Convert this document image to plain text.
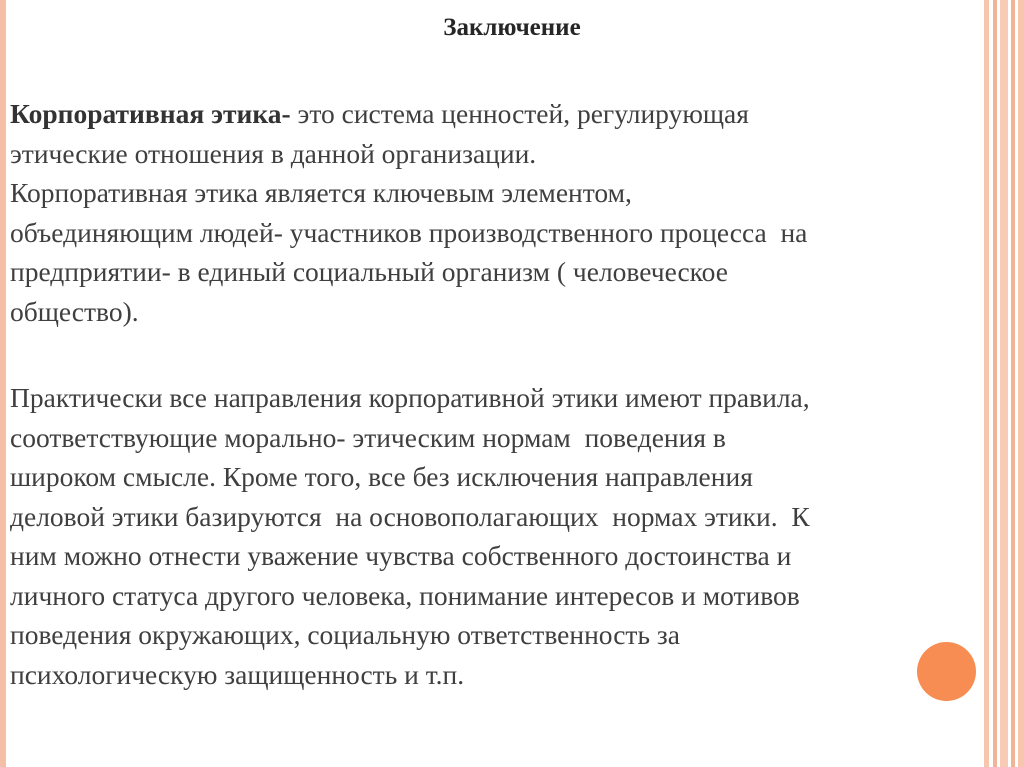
Заключение
Корпоративная этика- это система ценностей, регулирующая
этические отношения в данной организации.
Корпоративная этика является ключевым элементом,
объединяющим людей- участников производственного процесса  на
предприятии- в единый социальный организм ( человеческое
общество).
Практически все направления корпоративной этики имеют правила,
соответствующие морально- этическим нормам  поведения в
широком смысле. Кроме того, все без исключения направления
деловой этики базируются  на основополагающих  нормах этики.  К
ним можно отнести уважение чувства собственного достоинства и
личного статуса другого человека, понимание интересов и мотивов
поведения окружающих, социальную ответственность за
психологическую защищенность и т.п.
